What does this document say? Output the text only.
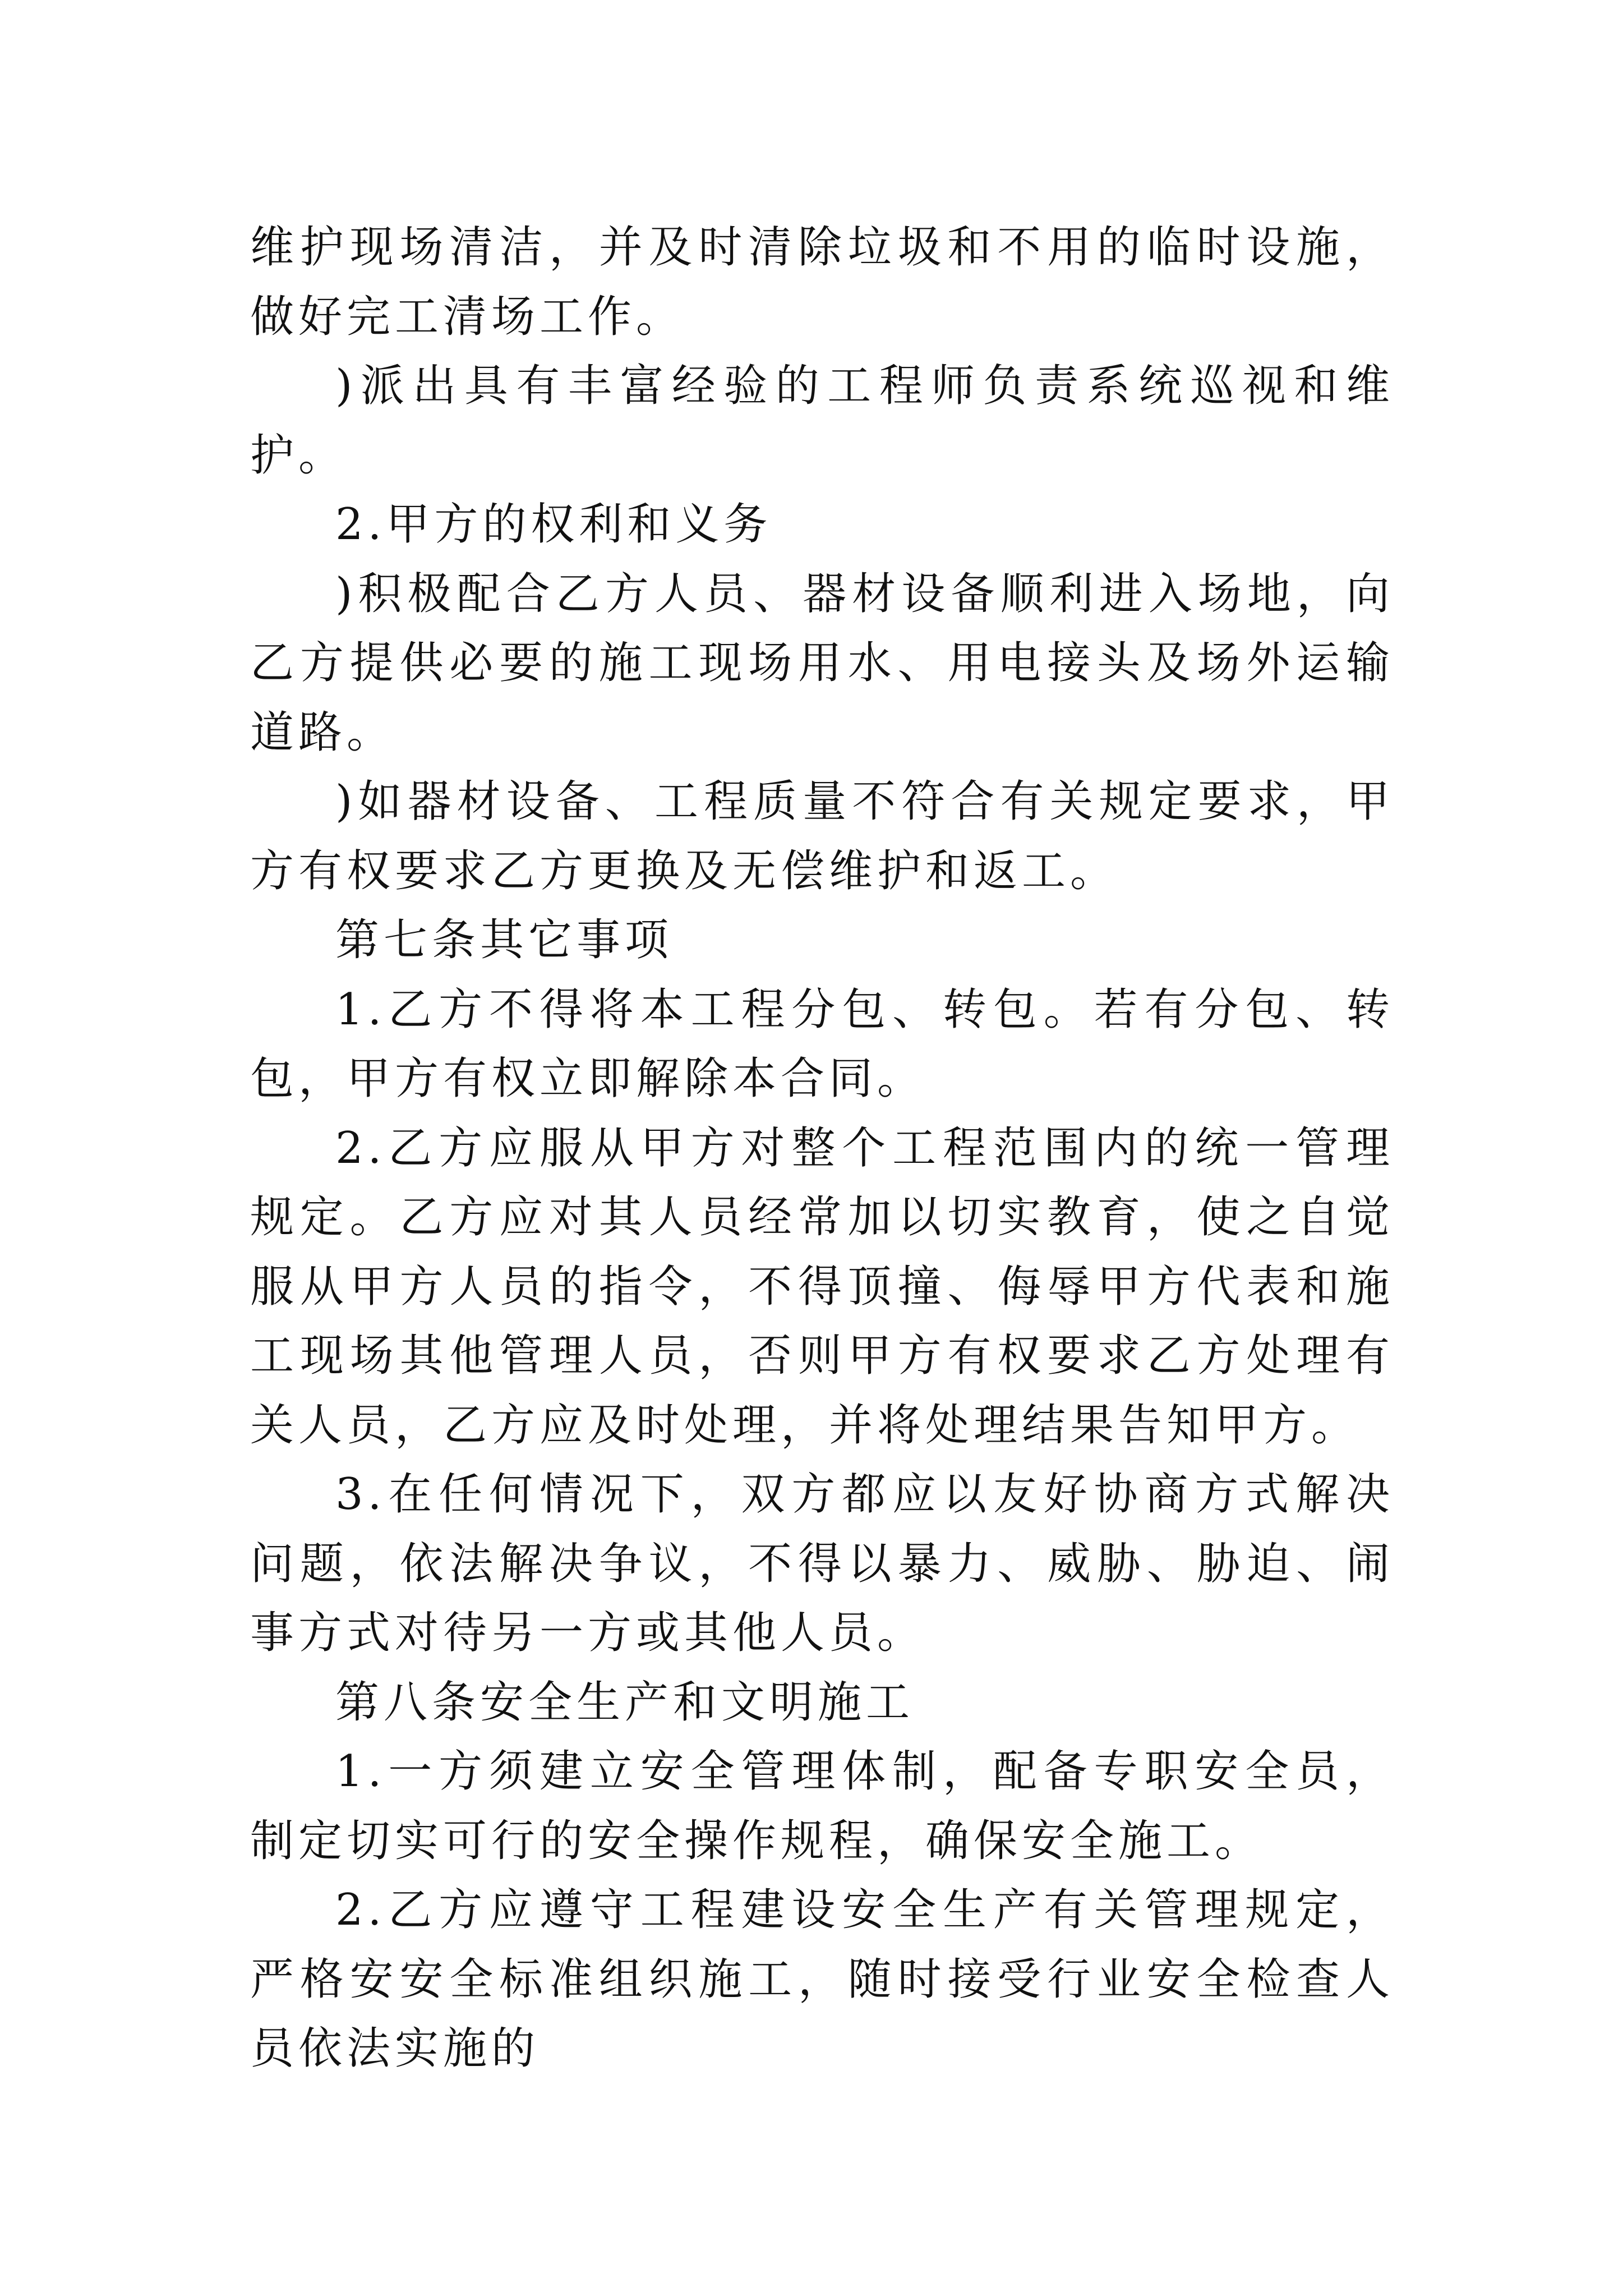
维护现场清洁，并及时清除垃圾和不用的临时设施，做好完工清场工作。

)派出具有丰富经验的工程师负责系统巡视和维护。

2.甲方的权利和义务

)积极配合乙方人员、器材设备顺利进入场地，向乙方提供必要的施工现场用水、用电接头及场外运输道路。

)如器材设备、工程质量不符合有关规定要求，甲方有权要求乙方更换及无偿维护和返工。

第七条其它事项

1.乙方不得将本工程分包、转包。若有分包、转包，甲方有权立即解除本合同。

2.乙方应服从甲方对整个工程范围内的统一管理规定。乙方应对其人员经常加以切实教育，使之自觉服从甲方人员的指令，不得顶撞、侮辱甲方代表和施工现场其他管理人员，否则甲方有权要求乙方处理有关人员，乙方应及时处理，并将处理结果告知甲方。

3.在任何情况下，双方都应以友好协商方式解决问题，依法解决争议，不得以暴力、威胁、胁迫、闹事方式对待另一方或其他人员。

第八条安全生产和文明施工

1.一方须建立安全管理体制，配备专职安全员，制定切实可行的安全操作规程，确保安全施工。

2.乙方应遵守工程建设安全生产有关管理规定，严格安安全标准组织施工，随时接受行业安全检查人员依法实施的
